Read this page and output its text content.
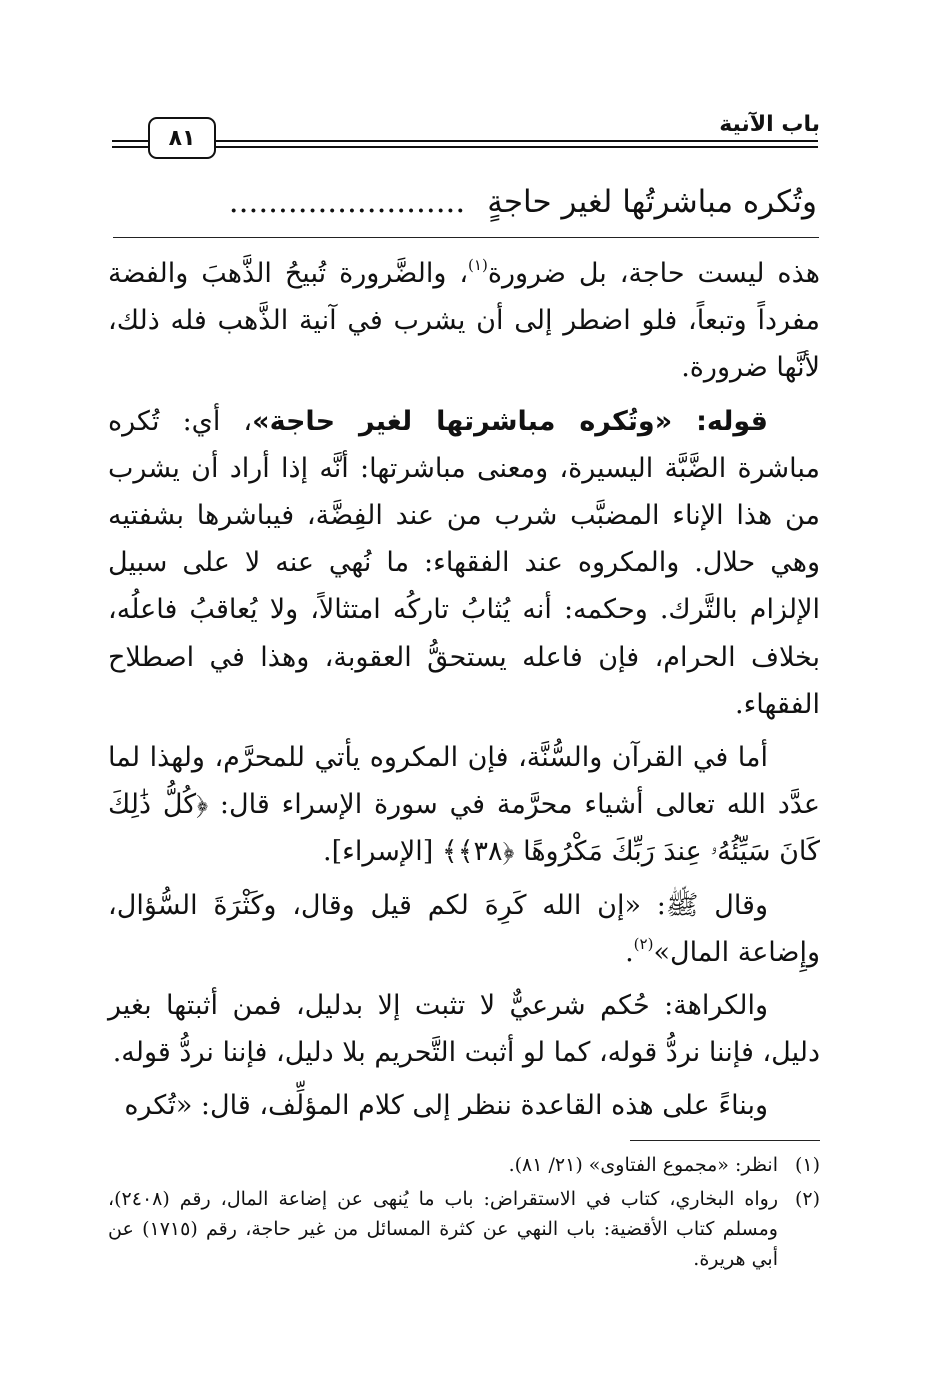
باب الآنية
٨١
وتُكره مباشرتُها لغير حاجةٍ........................

هذه ليست حاجة، بل ضرورة$^{(١)}$، والضَّرورة تُبيحُ الذَّهبَ والفضة مفرداً وتبعاً، فلو اضطر إلى أن يشرب في آنية الذَّهب فله ذلك، لأنَّها ضرورة.

قوله: «وتُكره مباشرتها لغير حاجة»، أي: تُكره مباشرة الضَّبَّة اليسيرة، ومعنى مباشرتها: أنَّه إذا أراد أن يشرب من هذا الإناء المضبَّب شرب من عند الفِضَّة، فيباشرها بشفتيه وهي حلال. والمكروه عند الفقهاء: ما نُهي عنه لا على سبيل الإلزام بالتَّرك. وحكمه: أنه يُثابُ تاركُه امتثالاً، ولا يُعاقبُ فاعلُه، بخلاف الحرام، فإن فاعله يستحقُّ العقوبة، وهذا في اصطلاح الفقهاء.

أما في القرآن والسُّنَّة، فإن المكروه يأتي للمحرَّم، ولهذا لما عدَّد الله تعالى أشياء محرَّمة في سورة الإسراء قال: ﴿كُلُّ ذَٰلِكَ كَانَ سَيِّئُهُۥ عِندَ رَبِّكَ مَكْرُوهًا ﴿٣٨﴾﴾ [الإسراء].

وقال ﷺ: «إن الله كَرِهَ لكم قيل وقال، وكَثْرَةَ السُّؤال، وإِضاعة المال»$^{(٢)}$.

والكراهة: حُكم شرعيٌّ لا تثبت إلا بدليل، فمن أثبتها بغير دليل، فإننا نردُّ قوله، كما لو أثبت التَّحريم بلا دليل، فإننا نردُّ قوله.

وبناءً على هذه القاعدة ننظر إلى كلام المؤلِّف، قال: «تُكره

(١)
انظر: «مجموع الفتاوى» (٢١/ ٨١).
(٢)
رواه البخاري، كتاب في الاستقراض: باب ما يُنهى عن إضاعة المال، رقم (٢٤٠٨)، ومسلم كتاب الأقضية: باب النهي عن كثرة المسائل من غير حاجة، رقم (١٧١٥) عن أبي هريرة.
